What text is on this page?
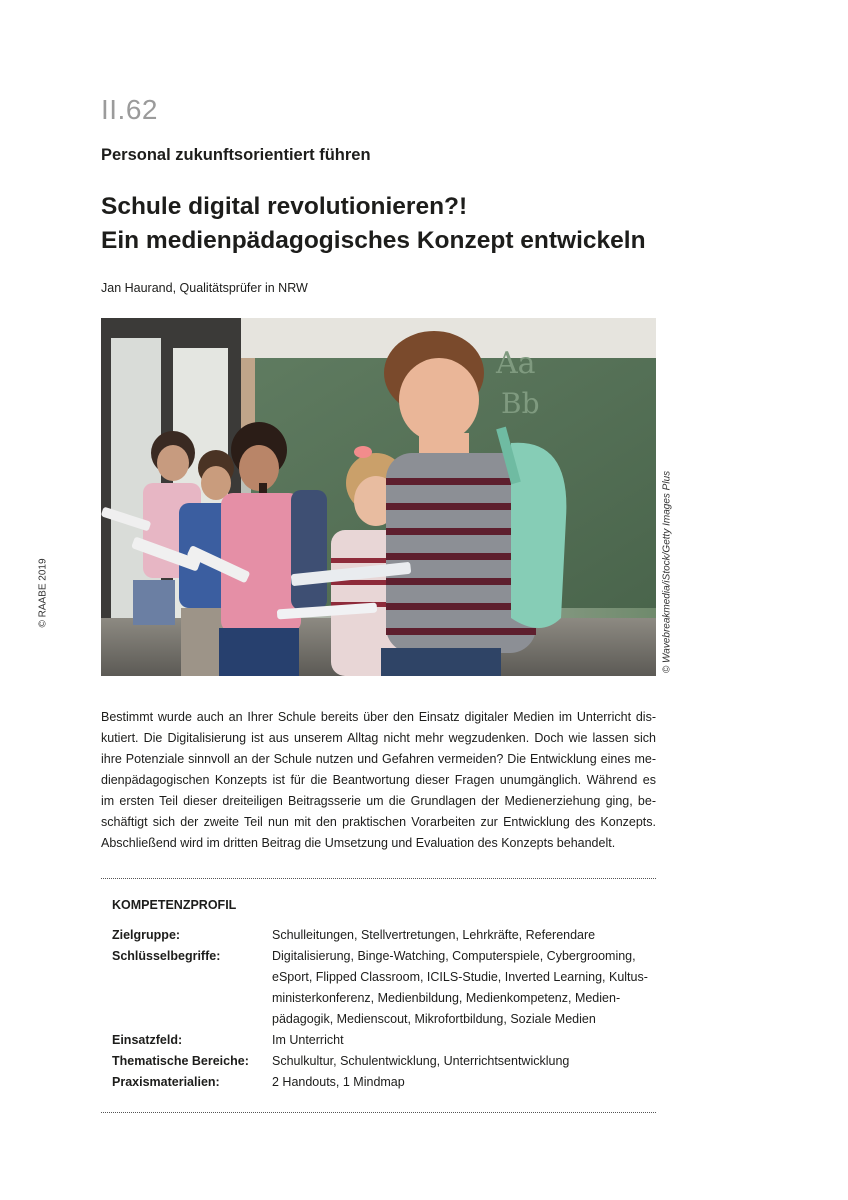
II.62
Personal zukunftsorientiert führen
Schule digital revolutionieren?!
Ein medienpädagogisches Konzept entwickeln
Jan Haurand, Qualitätsprüfer in NRW
© RAABE 2019	© Wavebreakmedia/iStock/Getty Images Plus
Aa
Bb
Bestimmt wurde auch an Ihrer Schule bereits über den Einsatz digitaler Medien im Unterricht dis-
kutiert. Die Digitalisierung ist aus unserem Alltag nicht mehr wegzudenken. Doch wie lassen sich
ihre Potenziale sinnvoll an der Schule nutzen und Gefahren vermeiden? Die Entwicklung eines me-
dienpädagogischen Konzepts ist für die Beantwortung dieser Fragen unumgänglich. Während es
im ersten Teil dieser dreiteiligen Beitragsserie um die Grundlagen der Medienerziehung ging, be-
schäftigt sich der zweite Teil nun mit den praktischen Vorarbeiten zur Entwicklung des Konzepts.
Abschließend wird im dritten Beitrag die Umsetzung und Evaluation des Konzepts behandelt.
KOMPETENZPROFIL
Zielgruppe:	Schulleitungen, Stellvertretungen, Lehrkräfte, Referendare
Schlüsselbegriffe:	Digitalisierung, Binge-Watching, Computerspiele, Cybergrooming,
eSport, Flipped Classroom, ICILS-Studie, Inverted Learning, Kultus-
ministerkonferenz, Medienbildung, Medienkompetenz, Medien-
pädagogik, Medienscout, Mikrofortbildung, Soziale Medien
Einsatzfeld:	Im Unterricht
Thematische Bereiche:	Schulkultur, Schulentwicklung, Unterrichtsentwicklung
Praxismaterialien:	2 Handouts, 1 Mindmap
